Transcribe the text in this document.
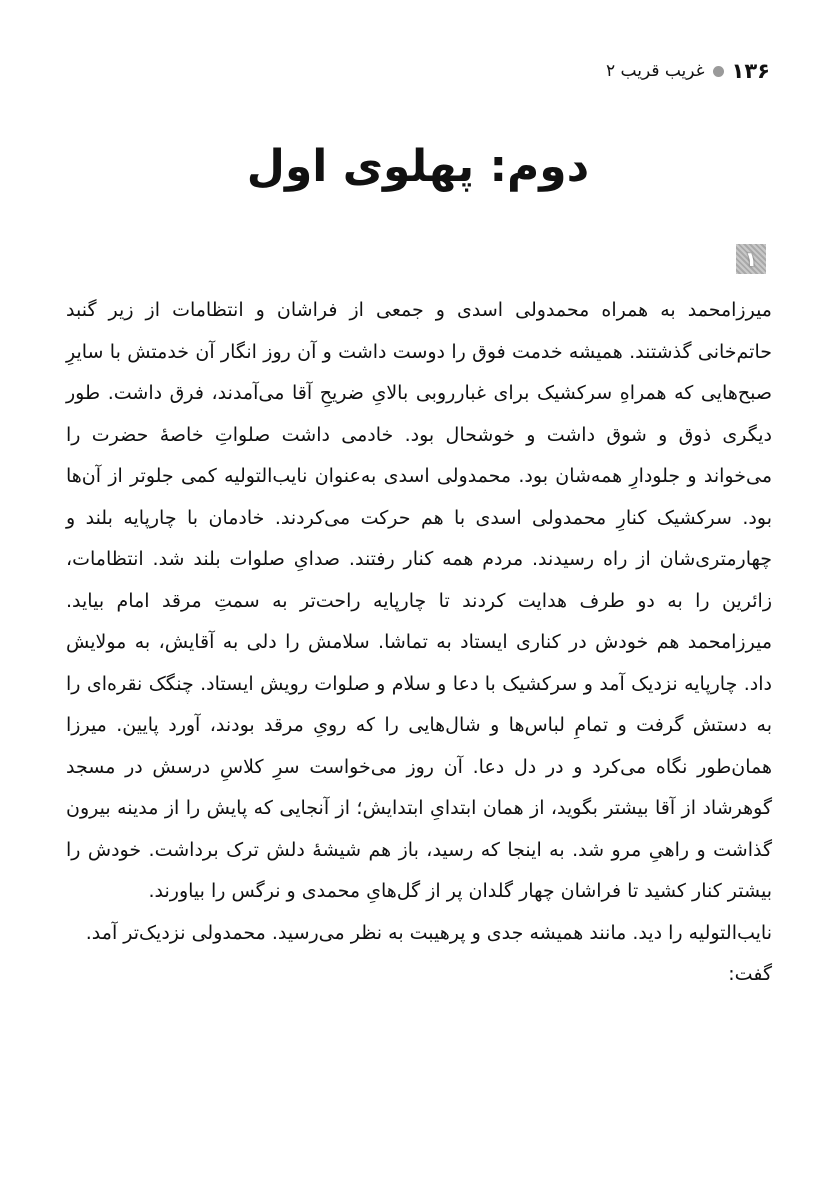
۱۳۶
غریب قریب ۲
دوم: پهلوی اول
۱

میرزامحمد به همراه محمدولی اسدی و جمعی از فراشان و انتظامات از زیر گنبد حاتم‌خانی گذشتند. همیشه خدمت فوق را دوست داشت و آن روز انگار آن خدمتش با سایرِ صبح‌هایی که همراهِ سرکشیک برای غبارروبی بالایِ ضریحِ آقا می‌آمدند، فرق داشت. طور دیگری ذوق و شوق داشت و خوشحال بود. خادمی داشت صلواتِ خاصهٔ حضرت را می‌خواند و جلودارِ همه‌شان بود. محمدولی اسدی به‌عنوان نایب‌التولیه کمی جلوتر از آن‌ها بود. سرکشیک کنارِ محمدولی اسدی با هم حرکت می‌کردند. خادمان با چارپایه بلند و چهارمتری‌شان از راه رسیدند. مردم همه کنار رفتند. صدایِ صلوات بلند شد. انتظامات، زائرین را به دو طرف هدایت کردند تا چارپایه راحت‌تر به سمتِ مرقد امام بیاید. میرزامحمد هم خودش در کناری ایستاد به تماشا. سلامش را دلی به آقایش، به مولایش داد. چارپایه نزدیک آمد و سرکشیک با دعا و سلام و صلوات رویش ایستاد. چنگک نقره‌ای را به دستش گرفت و تمامِ لباس‌ها و شال‌هایی را که رویِ مرقد بودند، آورد پایین. میرزا همان‌طور نگاه می‌کرد و در دل دعا. آن روز می‌خواست سرِ کلاسِ درسش در مسجد گوهرشاد از آقا بیشتر بگوید، از همان ابتدایِ ابتدایش؛ از آنجایی که پایش را از مدینه بیرون گذاشت و راهیِ مرو شد. به اینجا که رسید، باز هم شیشهٔ دلش ترک برداشت. خودش را بیشتر کنار کشید تا فراشان چهار گلدان پر از گل‌هایِ محمدی و نرگس را بیاورند.

نایب‌التولیه را دید. مانند همیشه جدی و پرهیبت به نظر می‌رسید. محمدولی نزدیک‌تر آمد.

گفت:
